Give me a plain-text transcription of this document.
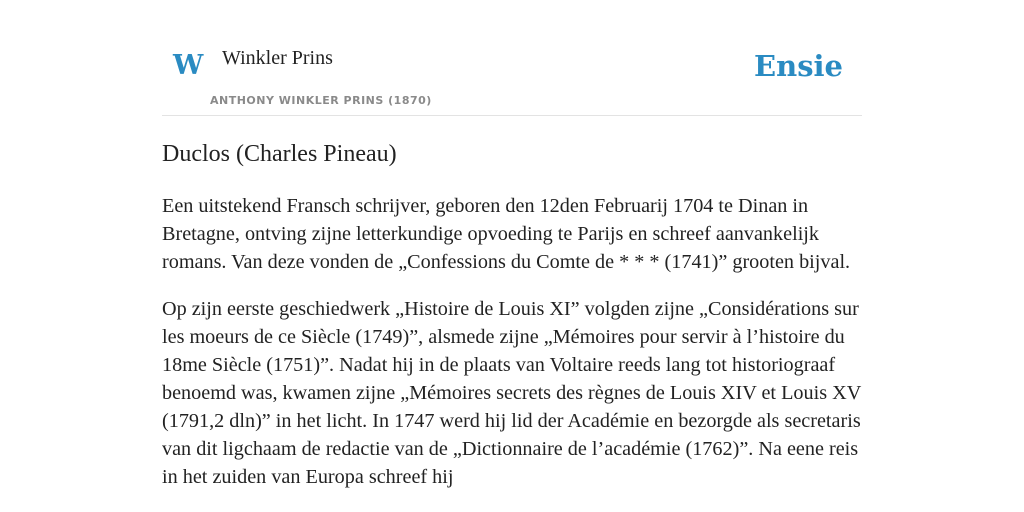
W Winkler Prins
ANTHONY WINKLER PRINS (1870)
Ensie
Duclos (Charles Pineau)

Een uitstekend Fransch schrijver, geboren den 12den Februarij 1704 te Dinan in Bretagne, ontving zijne letterkundige opvoeding te Parijs en schreef aanvankelijk romans. Van deze vonden de „Confessions du Comte de * * * (1741)” grooten bijval.

Op zijn eerste geschiedwerk „Histoire de Louis XI” volgden zijne „Considérations sur les moeurs de ce Siècle (1749)”, alsmede zijne „Mémoires pour servir à l’histoire du 18me Siècle (1751)”. Nadat hij in de plaats van Voltaire reeds lang tot historiograaf benoemd was, kwamen zijne „Mémoires secrets des règnes de Louis XIV et Louis XV (1791,2 dln)” in het licht. In 1747 werd hij lid der Académie en bezorgde als secretaris van dit ligchaam de redactie van de „Dictionnaire de l’académie (1762)”. Na eene reis in het zuiden van Europa schreef hij
